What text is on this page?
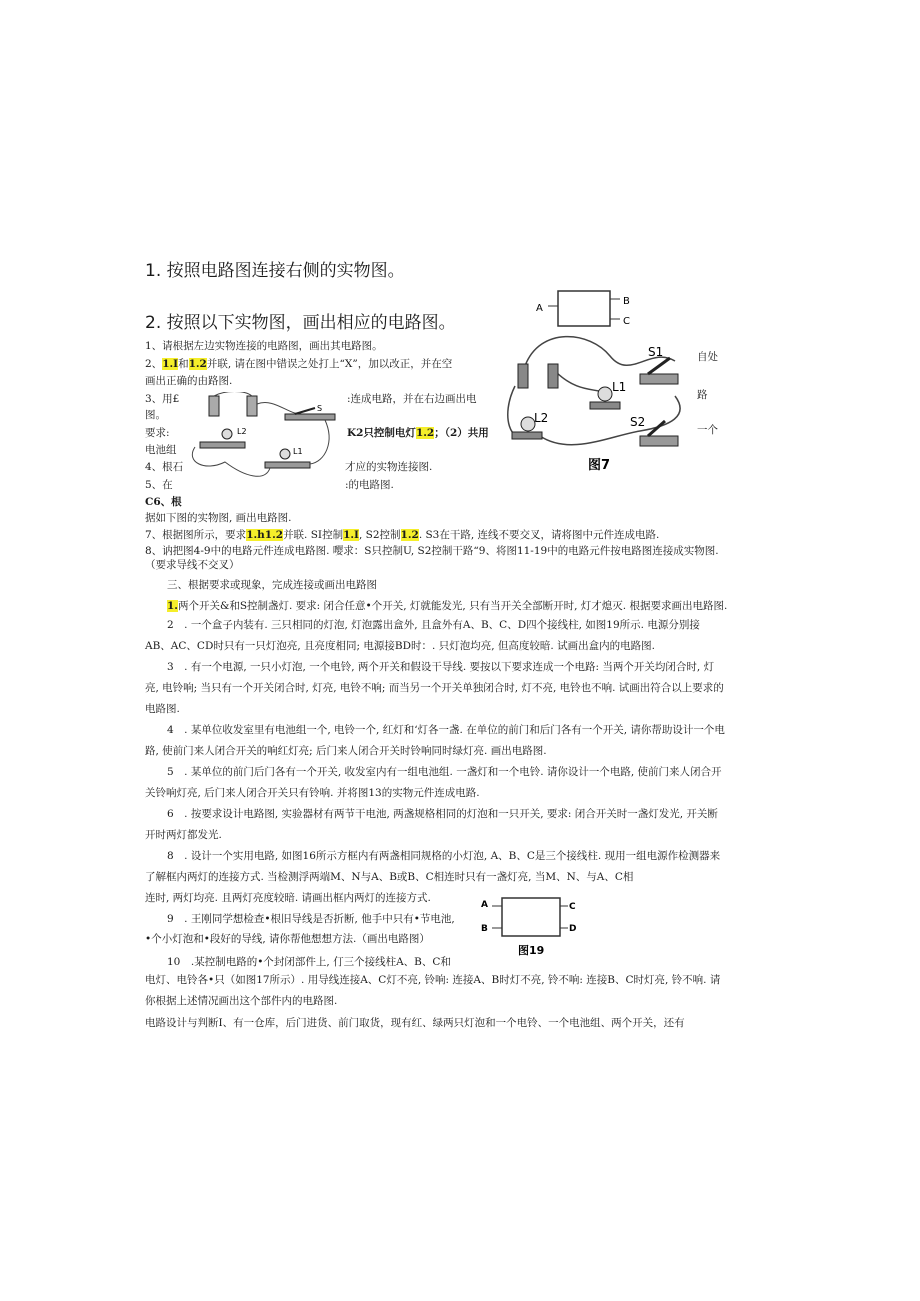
1. 按照电路图连接右侧的实物图。
2. 按照以下实物图，画出相应的电路图。
A
B
C
S1
L1
L2	S2
图7
自处
路
一个
S
L2
L1
1、请根据左边实物连接的电路图，画出其电路图。
2、1.I和1.2并联, 请在图中错误之处打上“X”，加以改正，并在空
画出正确的由路图.
3、用£	:连成电路，并在右边画出电
图。
要求:	K2只控制电灯1.2；（2）共用
电池组
4、根石	才应的实物连接图.
5、在	:的电路图.
C6、根
据如下图的实物图, 画出电路图.
7、根据图所示，要求1.h1.2并联. SI控制1.I, S2控制1.2. S3在干路, 连线不要交叉，请将图中元件连成电路.
8、讷把图4-9中的电路元件连成电路图. 嘤求：S只控制U, S2控制干路“9、将图11-19中的电路元件按电路图连接成实物图.（要求导线不交叉）
三、根据要求或现象，完成连接或画出电路图
1.两个开关&和S控制盏灯. 要求: 闭合任意•个开关, 灯就能发光, 只有当开关全部断开时, 灯才熄灭. 根据要求画出电路图.
2　. 一个盒子内装有. 三只相同的灯泡, 灯泡露出盒外, 且盒外有A、B、C、D四个接线柱, 如图19所示. 电源分别接AB、AC、CD时只有一只灯泡亮, 且亮度相同; 电源接BD时：. 只灯泡均亮, 但高度较暗. 试画出盒内的电路图.
3　. 有一个电源, 一只小灯泡, 一个电铃, 两个开关和假设干导线. 要按以下要求连成一个电路: 当两个开关均闭合时, 灯亮, 电铃响; 当只有一个开关闭合时, 灯亮, 电铃不响; 而当另一个开关单独闭合时, 灯不亮, 电铃也不响. 试画出符合以上要求的电路图.
4　. 某单位收发室里有电池组一个, 电铃一个, 红灯和‘灯各一盏. 在单位的前门和后门各有一个开关, 请你帮助设计一个电路, 使前门来人闭合开关的响红灯亮; 后门来人闭合开关时铃响同时绿灯亮. 画出电路图.
5　. 某单位的前门后门各有一个开关, 收发室内有一组电池组. 一盏灯和一个电铃. 请你设计一个电路, 使前门来人闭合开关铃响灯亮, 后门来人闭合开关只有铃响. 并将图13的实物元件连成电路.
6　. 按要求设计电路图, 实验器材有两节干电池, 两盏规格相同的灯泡和一只开关, 要求: 闭合开关时一盏灯发光, 开关断开时两灯都发光.
8　. 设计一个实用电路, 如图16所示方框内有两盏相同规格的小灯泡, A、B、C是三个接线柱. 现用一组电源作检测器来了解框内两灯的连接方式. 当检测浮两端M、N与A、B或B、C相连时只有一盏灯亮, 当M、N、与A、C相
连时, 两灯均亮. 且两灯亮度较暗. 请画出框内两灯的连接方式.
A
B
C
D
图19
9　. 王刚同学想检查•根旧导线是否折断, 他手中只有•节电池,
•个小灯泡和•段好的导线, 请你帮他想想方法.（画出电路图）
10　.某控制电路的•个封闭部件上, 仃三个接线柱A、B、C和
电灯、电铃各•只（如图17所示）. 用导线连接A、C灯不亮, 铃响: 连接A、B时灯不亮, 铃不响: 连接B、C时灯亮, 铃不响. 请你根据上述情况画出这个部件内的电路图.
电路设计与判断I、有一仓库，后门进货、前门取货，现有红、绿两只灯泡和一个电铃、一个电池组、两个开关，还有
